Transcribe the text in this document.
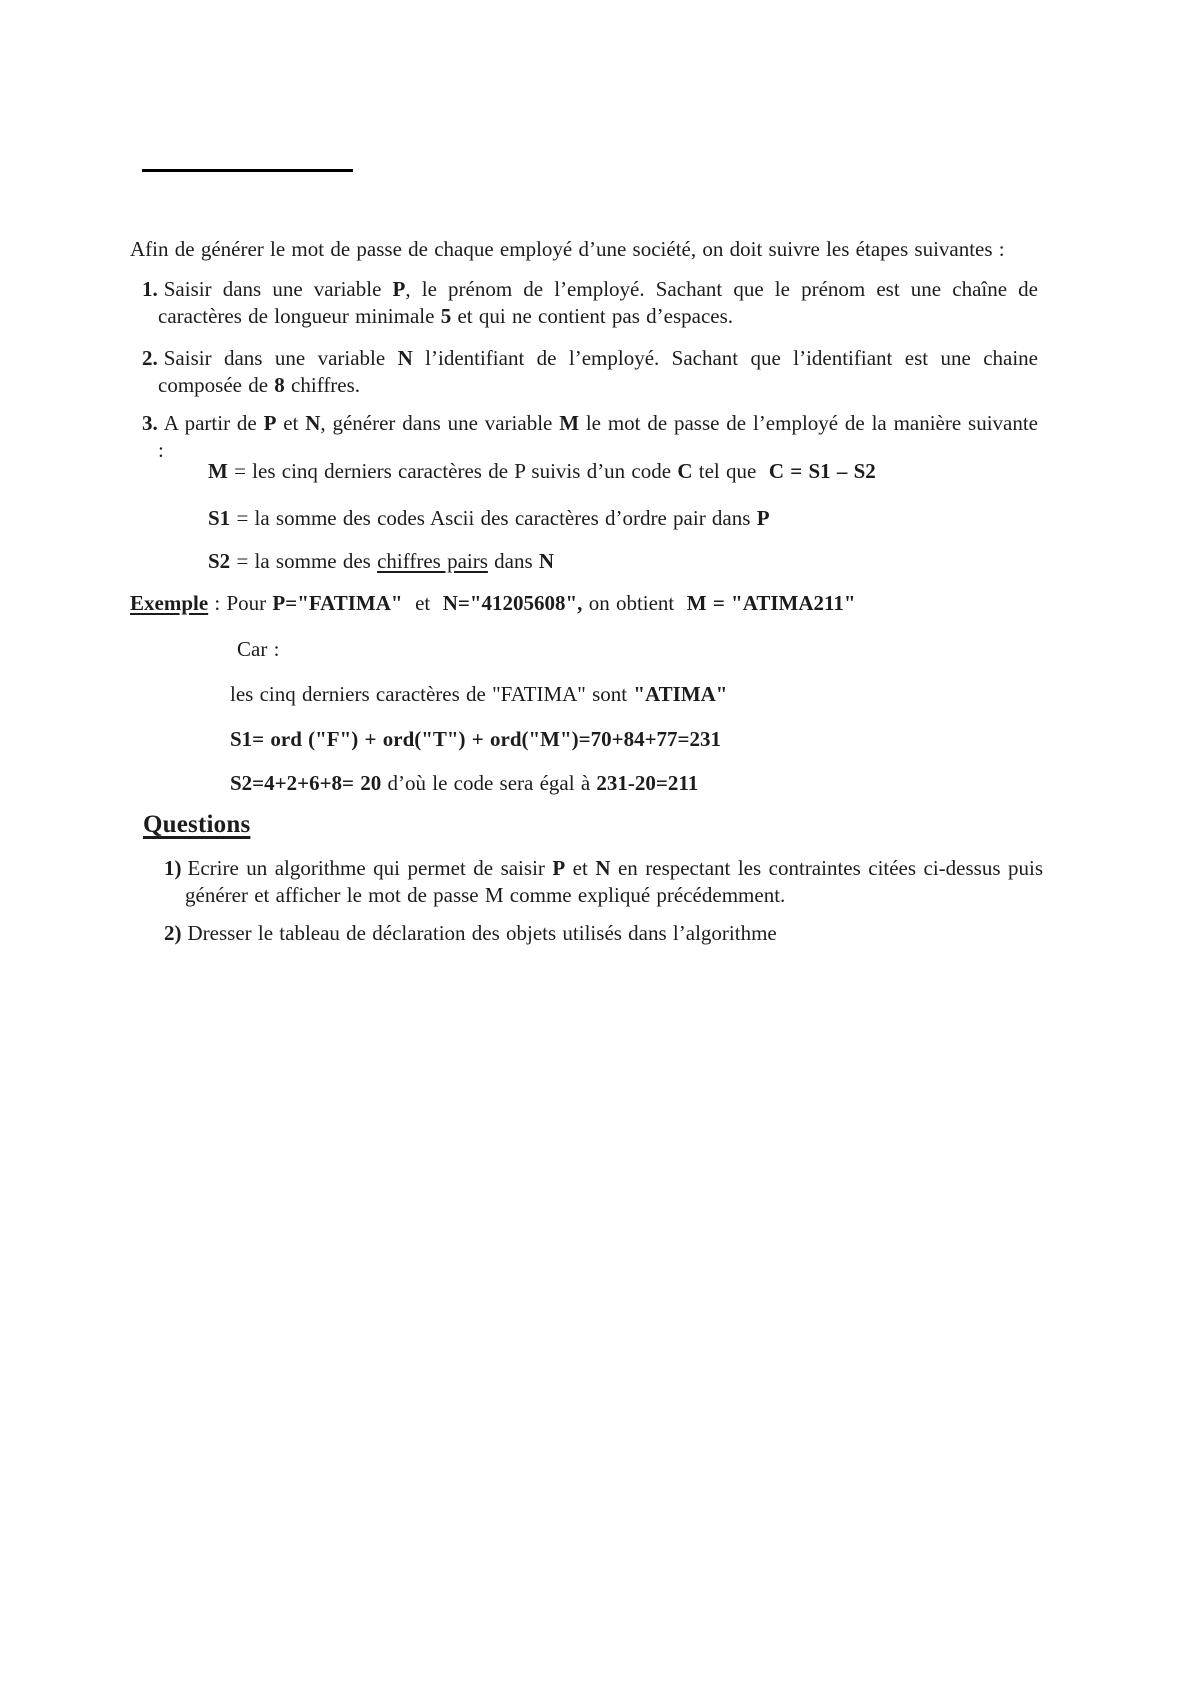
Afin de générer le mot de passe de chaque employé d’une société, on doit suivre les étapes suivantes :
1. Saisir dans une variable P, le prénom de l’employé. Sachant que le prénom est une chaîne de caractères de longueur minimale 5 et qui ne contient pas d’espaces.
2. Saisir dans une variable N l’identifiant de l’employé. Sachant que l’identifiant est une chaine composée de 8 chiffres.
3. A partir de P et N, générer dans une variable M le mot de passe de l’employé de la manière suivante :
M = les cinq derniers caractères de P suivis d’un code C tel que  C = S1 – S2
S1 = la somme des codes Ascii des caractères d’ordre pair dans P
S2 = la somme des chiffres pairs dans N
Exemple : Pour P="FATIMA"  et  N="41205608", on obtient  M = "ATIMA211"
Car :
les cinq derniers caractères de "FATIMA" sont "ATIMA"
S1= ord ("F") + ord("T") + ord("M")=70+84+77=231
S2=4+2+6+8= 20 d’où le code sera égal à 231-20=211
Questions
1) Ecrire un algorithme qui permet de saisir P et N en respectant les contraintes citées ci-dessus puis générer et afficher le mot de passe M comme expliqué précédemment.
2) Dresser le tableau de déclaration des objets utilisés dans l’algorithme
